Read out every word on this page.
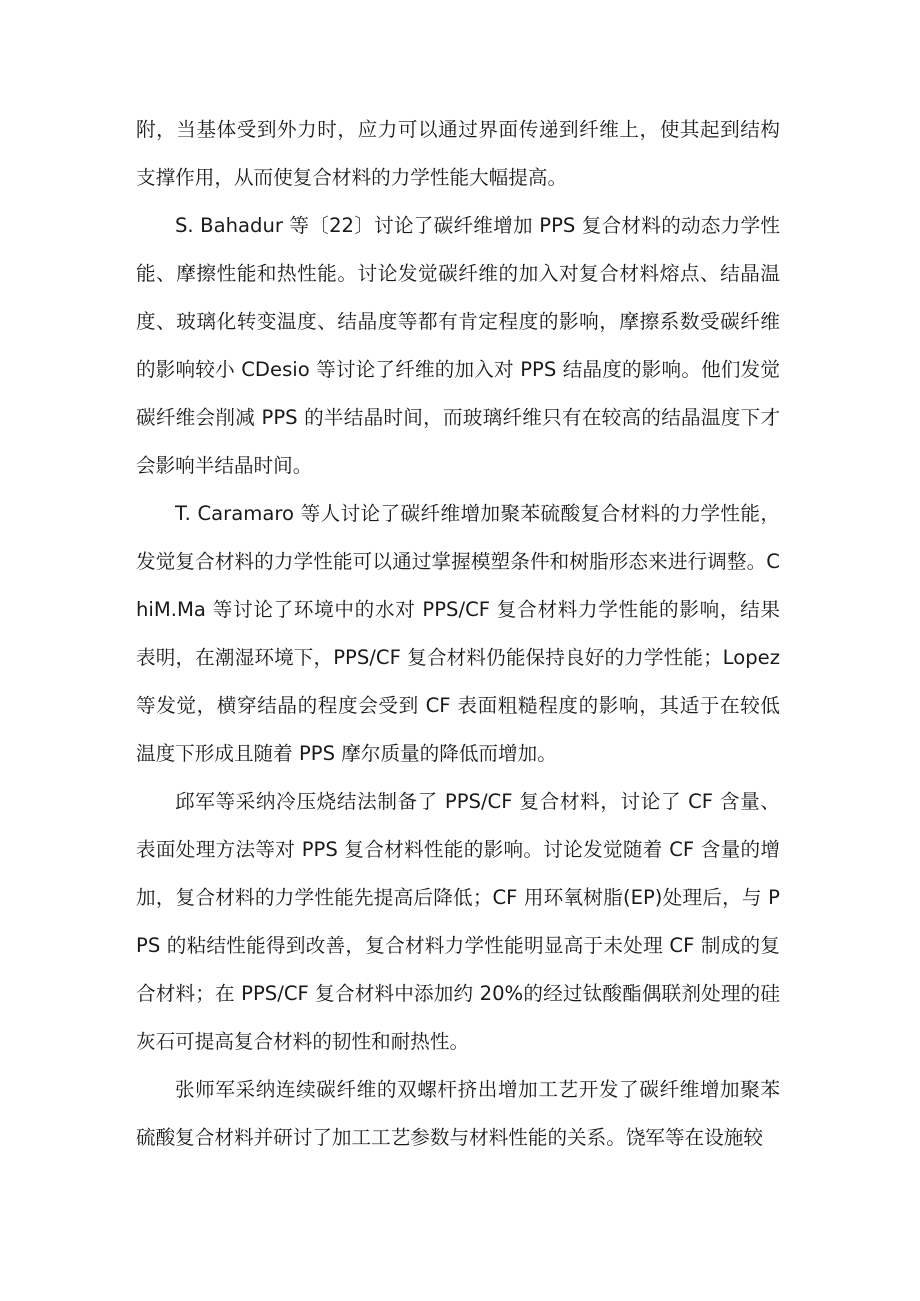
附，当基体受到外力时，应力可以通过界面传递到纤维上，使其起到结构支撑作用，从而使复合材料的力学性能大幅提高。

S. Bahadur 等〔22〕讨论了碳纤维增加 PPS 复合材料的动态力学性能、摩擦性能和热性能。讨论发觉碳纤维的加入对复合材料熔点、结晶温度、玻璃化转变温度、结晶度等都有肯定程度的影响，摩擦系数受碳纤维的影响较小 CDesio 等讨论了纤维的加入对 PPS 结晶度的影响。他们发觉碳纤维会削减 PPS 的半结晶时间，而玻璃纤维只有在较高的结晶温度下才会影响半结晶时间。

T. Caramaro 等人讨论了碳纤维增加聚苯硫酸复合材料的力学性能，发觉复合材料的力学性能可以通过掌握模塑条件和树脂形态来进行调整。ChiM.Ma 等讨论了环境中的水对 PPS/CF 复合材料力学性能的影响，结果表明，在潮湿环境下，PPS/CF 复合材料仍能保持良好的力学性能；Lopez 等发觉，横穿结晶的程度会受到 CF 表面粗糙程度的影响，其适于在较低温度下形成且随着 PPS 摩尔质量的降低而增加。

邱军等采纳冷压烧结法制备了 PPS/CF 复合材料，讨论了 CF 含量、表面处理方法等对 PPS 复合材料性能的影响。讨论发觉随着 CF 含量的增加，复合材料的力学性能先提高后降低；CF 用环氧树脂(EP)处理后，与 PPS 的粘结性能得到改善，复合材料力学性能明显高于未处理 CF 制成的复合材料；在 PPS/CF 复合材料中添加约 20%的经过钛酸酯偶联剂处理的硅灰石可提高复合材料的韧性和耐热性。

张师军采纳连续碳纤维的双螺杆挤出增加工艺开发了碳纤维增加聚苯硫酸复合材料并研讨了加工工艺参数与材料性能的关系。饶军等在设施较
